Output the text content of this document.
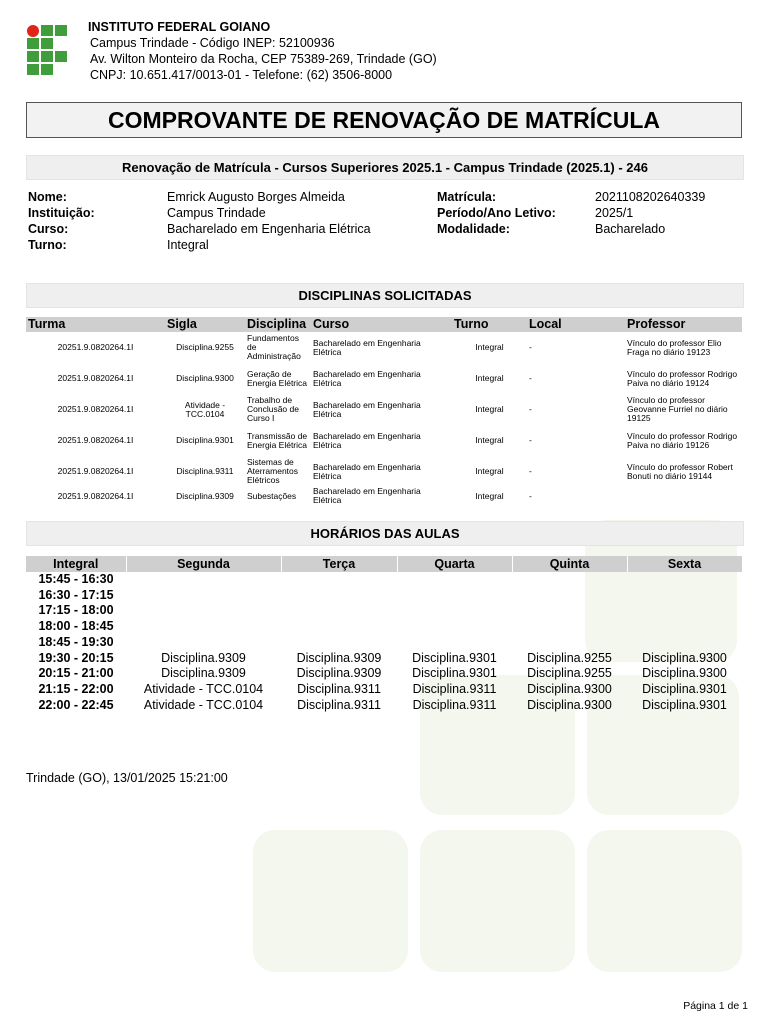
INSTITUTO FEDERAL GOIANO
Campus Trindade - Código INEP: 52100936
Av. Wilton Monteiro da Rocha, CEP 75389-269, Trindade (GO)
CNPJ: 10.651.417/0013-01 - Telefone: (62) 3506-8000
COMPROVANTE DE RENOVAÇÃO DE MATRÍCULA
Renovação de Matrícula - Cursos Superiores 2025.1 - Campus Trindade (2025.1) - 246
Nome:	Emrick Augusto Borges Almeida
Instituição:	Campus Trindade
Curso:	Bacharelado em Engenharia Elétrica
Turno:	Integral
Matrícula:	2021108202640339
Período/Ano Letivo:	2025/1
Modalidade:	Bacharelado
DISCIPLINAS SOLICITADAS
Turma	Sigla	Disciplina	Curso	Turno	Local	Professor
20251.9.0820264.1I	Disciplina.9255	Fundamentos de Administração	Bacharelado em Engenharia Elétrica	Integral	-	Vínculo do professor Elio Fraga no diário 19123
20251.9.0820264.1I	Disciplina.9300	Geração de Energia Elétrica	Bacharelado em Engenharia Elétrica	Integral	-	Vínculo do professor Rodrigo Paiva no diário 19124
20251.9.0820264.1I	Atividade - TCC.0104	Trabalho de Conclusão de Curso I	Bacharelado em Engenharia Elétrica	Integral	-	Vínculo do professor Geovanne Furriel no diário 19125
20251.9.0820264.1I	Disciplina.9301	Transmissão de Energia Elétrica	Bacharelado em Engenharia Elétrica	Integral	-	Vínculo do professor Rodrigo Paiva no diário 19126
20251.9.0820264.1I	Disciplina.9311	Sistemas de Aterramentos Elétricos	Bacharelado em Engenharia Elétrica	Integral	-	Vínculo do professor Robert Bonuti no diário 19144
20251.9.0820264.1I	Disciplina.9309	Subestações	Bacharelado em Engenharia Elétrica	Integral	-	
HORÁRIOS DAS AULAS
Integral	Segunda	Terça	Quarta	Quinta	Sexta
15:45 - 16:30					
16:30 - 17:15					
17:15 - 18:00					
18:00 - 18:45					
18:45 - 19:30					
19:30 - 20:15	Disciplina.9309	Disciplina.9309	Disciplina.9301	Disciplina.9255	Disciplina.9300
20:15 - 21:00	Disciplina.9309	Disciplina.9309	Disciplina.9301	Disciplina.9255	Disciplina.9300
21:15 - 22:00	Atividade - TCC.0104	Disciplina.9311	Disciplina.9311	Disciplina.9300	Disciplina.9301
22:00 - 22:45	Atividade - TCC.0104	Disciplina.9311	Disciplina.9311	Disciplina.9300	Disciplina.9301
Trindade (GO), 13/01/2025 15:21:00
Página 1 de 1
